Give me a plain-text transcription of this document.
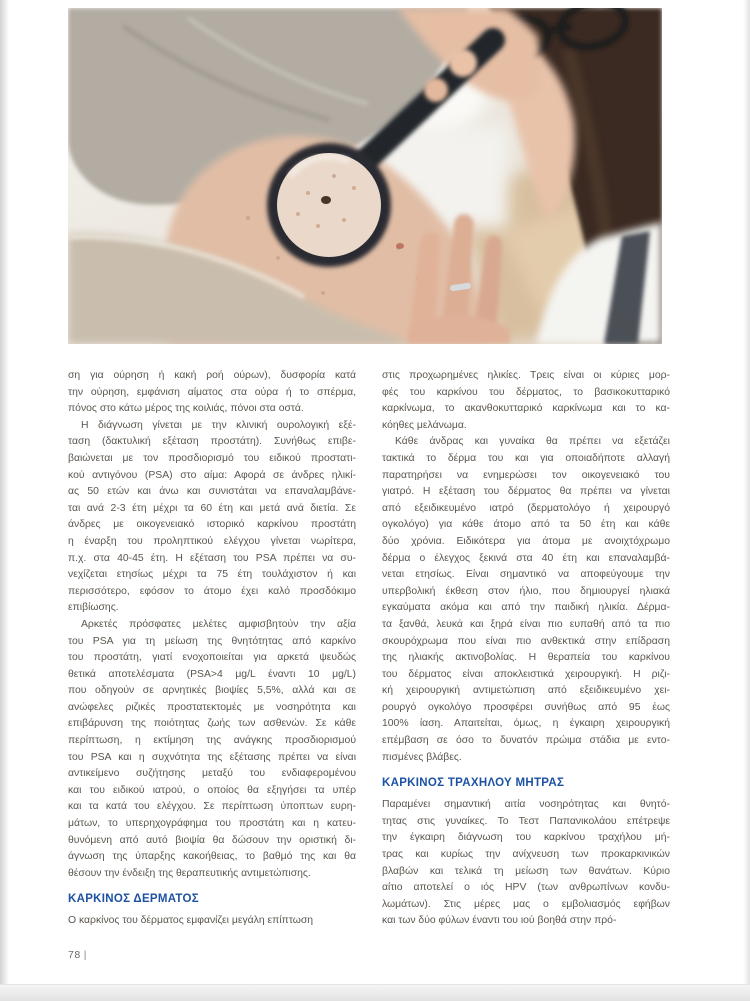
ση για ούρηση ή κακή ροή ούρων), δυσφορία κατά
την ούρηση, εμφάνιση αίματος στα ούρα ή το σπέρμα,
πόνος στο κάτω μέρος της κοιλιάς, πόνοι στα οστά.
Η διάγνωση γίνεται με την κλινική ουρολογική εξέ-
ταση (δακτυλική εξέταση προστάτη). Συνήθως επιβε-
βαιώνεται με τον προσδιορισμό του ειδικού προστατι-
κού αντιγόνου (PSA) στο αίμα: Αφορά σε άνδρες ηλικί-
ας 50 ετών και άνω και συνιστάται να επαναλαμβάνε-
ται ανά 2-3 έτη μέχρι τα 60 έτη και μετά ανά διετία. Σε
άνδρες με οικογενειακό ιστορικό καρκίνου προστάτη
η έναρξη του προληπτικού ελέγχου γίνεται νωρίτερα,
π.χ. στα 40-45 έτη. Η εξέταση του PSA πρέπει να συ-
νεχίζεται ετησίως μέχρι τα 75 έτη τουλάχιστον ή και
περισσότερο, εφόσον το άτομο έχει καλό προσδόκιμο
επιβίωσης.
Αρκετές πρόσφατες μελέτες αμφισβητούν την αξία
του PSA για τη μείωση της θνητότητας από καρκίνο
του προστάτη, γιατί ενοχοποιείται για αρκετά ψευδώς
θετικά αποτελέσματα (PSA>4 μg/L έναντι 10 μg/L)
που οδηγούν σε αρνητικές βιοψίες 5,5%, αλλά και σε
ανώφελες ριζικές προστατεκτομές με νοσηρότητα και
επιβάρυνση της ποιότητας ζωής των ασθενών. Σε κάθε
περίπτωση, η εκτίμηση της ανάγκης προσδιορισμού
του PSA και η συχνότητα της εξέτασης πρέπει να είναι
αντικείμενο συζήτησης μεταξύ του ενδιαφερομένου
και του ειδικού ιατρού, ο οποίος θα εξηγήσει τα υπέρ
και τα κατά του ελέγχου. Σε περίπτωση ύποπτων ευρη-
μάτων, το υπερηχογράφημα του προστάτη και η κατευ-
θυνόμενη από αυτό βιοψία θα δώσουν την οριστική δι-
άγνωση της ύπαρξης κακοήθειας, το βαθμό της και θα
θέσουν την ένδειξη της θεραπευτικής αντιμετώπισης.
ΚΑΡΚΙΝΟΣ ΔΕΡΜΑΤΟΣ
Ο καρκίνος του δέρματος εμφανίζει μεγάλη επίπτωση
στις προχωρημένες ηλικίες. Τρεις είναι οι κύριες μορ-
φές του καρκίνου του δέρματος, το βασικοκυτταρικό
καρκίνωμα, το ακανθοκυτταρικό καρκίνωμα και το κα-
κόηθες μελάνωμα.
Κάθε άνδρας και γυναίκα θα πρέπει να εξετάζει
τακτικά το δέρμα του και για οποιαδήποτε αλλαγή
παρατηρήσει να ενημερώσει τον οικογενειακό του
γιατρό. Η εξέταση του δέρματος θα πρέπει να γίνεται
από εξειδικευμένο ιατρό (δερματολόγο ή χειρουργό
ογκολόγο) για κάθε άτομο από τα 50 έτη και κάθε
δύο χρόνια. Ειδικότερα για άτομα με ανοιχτόχρωμο
δέρμα ο έλεγχος ξεκινά στα 40 έτη και επαναλαμβά-
νεται ετησίως. Είναι σημαντικό να αποφεύγουμε την
υπερβολική έκθεση στον ήλιο, που δημιουργεί ηλιακά
εγκαύματα ακόμα και από την παιδική ηλικία. Δέρμα-
τα ξανθά, λευκά και ξηρά είναι πιο ευπαθή από τα πιο
σκουρόχρωμα που είναι πιο ανθεκτικά στην επίδραση
της ηλιακής ακτινοβολίας. Η θεραπεία του καρκίνου
του δέρματος είναι αποκλειστικά χειρουργική. Η ριζι-
κή χειρουργική αντιμετώπιση από εξειδικευμένο χει-
ρουργό ογκολόγο προσφέρει συνήθως από 95 έως
100% ίαση. Απαιτείται, όμως, η έγκαιρη χειρουργική
επέμβαση σε όσο το δυνατόν πρώιμα στάδια με εντο-
πισμένες βλάβες.
ΚΑΡΚΙΝΟΣ ΤΡΑΧΗΛΟΥ ΜΗΤΡΑΣ
Παραμένει σημαντική αιτία νοσηρότητας και θνητό-
τητας στις γυναίκες. Το Τεστ Παπανικολάου επέτρεψε
την έγκαιρη διάγνωση του καρκίνου τραχήλου μή-
τρας και κυρίως την ανίχνευση των προκαρκινικών
βλαβών και τελικά τη μείωση των θανάτων. Κύριο
αίτιο αποτελεί ο ιός HPV (των ανθρωπίνων κονδυ-
λωμάτων). Στις μέρες μας ο εμβολιασμός εφήβων
και των δύο φύλων έναντι του ιού βοηθά στην πρό-
78 |
